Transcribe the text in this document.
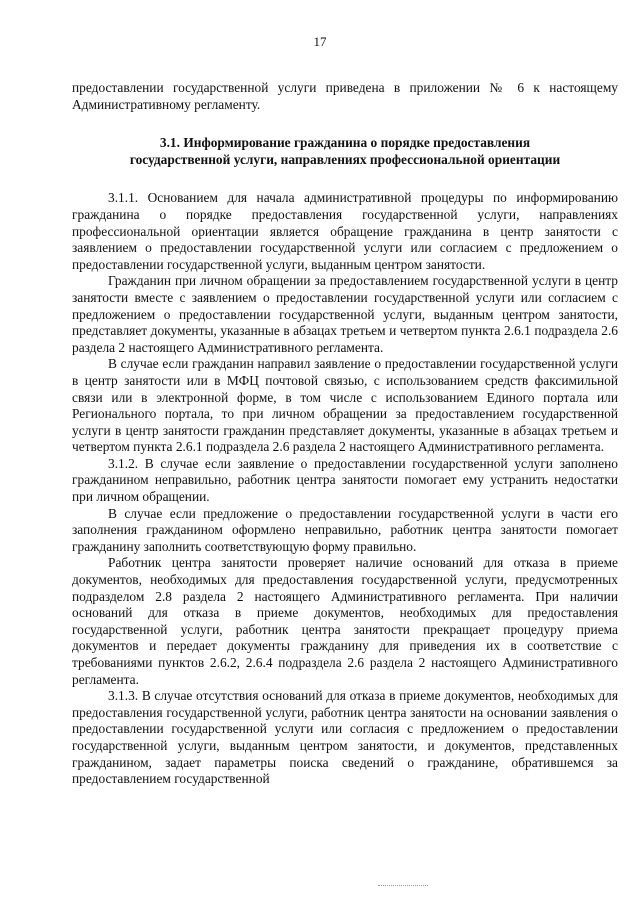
17

предоставлении государственной услуги приведена в приложении № 6 к настоящему Административному регламенту.

3.1. Информирование гражданина о порядке предоставления
государственной услуги, направлениях профессиональной ориентации

3.1.1. Основанием для начала административной процедуры по информированию гражданина о порядке предоставления государственной услуги, направлениях профессиональной ориентации является обращение гражданина в центр занятости с заявлением о предоставлении государственной услуги или согласием с предложением о предоставлении государственной услуги, выданным центром занятости.

Гражданин при личном обращении за предоставлением государственной услуги в центр занятости вместе с заявлением о предоставлении государственной услуги или согласием с предложением о предоставлении государственной услуги, выданным центром занятости, представляет документы, указанные в абзацах третьем и четвертом пункта 2.6.1 подраздела 2.6 раздела 2 настоящего Административного регламента.

В случае если гражданин направил заявление о предоставлении государственной услуги в центр занятости или в МФЦ почтовой связью, с использованием средств факсимильной связи или в электронной форме, в том числе с использованием Единого портала или Регионального портала, то при личном обращении за предоставлением государственной услуги в центр занятости гражданин представляет документы, указанные в абзацах третьем и четвертом пункта 2.6.1 подраздела 2.6 раздела 2 настоящего Административного регламента.

3.1.2. В случае если заявление о предоставлении государственной услуги заполнено гражданином неправильно, работник центра занятости помогает ему устранить недостатки при личном обращении.

В случае если предложение о предоставлении государственной услуги в части его заполнения гражданином оформлено неправильно, работник центра занятости помогает гражданину заполнить соответствующую форму правильно.

Работник центра занятости проверяет наличие оснований для отказа в приеме документов, необходимых для предоставления государственной услуги, предусмотренных подразделом 2.8 раздела 2 настоящего Административного регламента. При наличии оснований для отказа в приеме документов, необходимых для предоставления государственной услуги, работник центра занятости прекращает процедуру приема документов и передает документы гражданину для приведения их в соответствие с требованиями пунктов 2.6.2, 2.6.4 подраздела 2.6 раздела 2 настоящего Административного регламента.

3.1.3. В случае отсутствия оснований для отказа в приеме документов, необходимых для предоставления государственной услуги, работник центра занятости на основании заявления о предоставлении государственной услуги или согласия с предложением о предоставлении государственной услуги, выданным центром занятости, и документов, представленных гражданином, задает параметры поиска сведений о гражданине, обратившемся за предоставлением государственной
